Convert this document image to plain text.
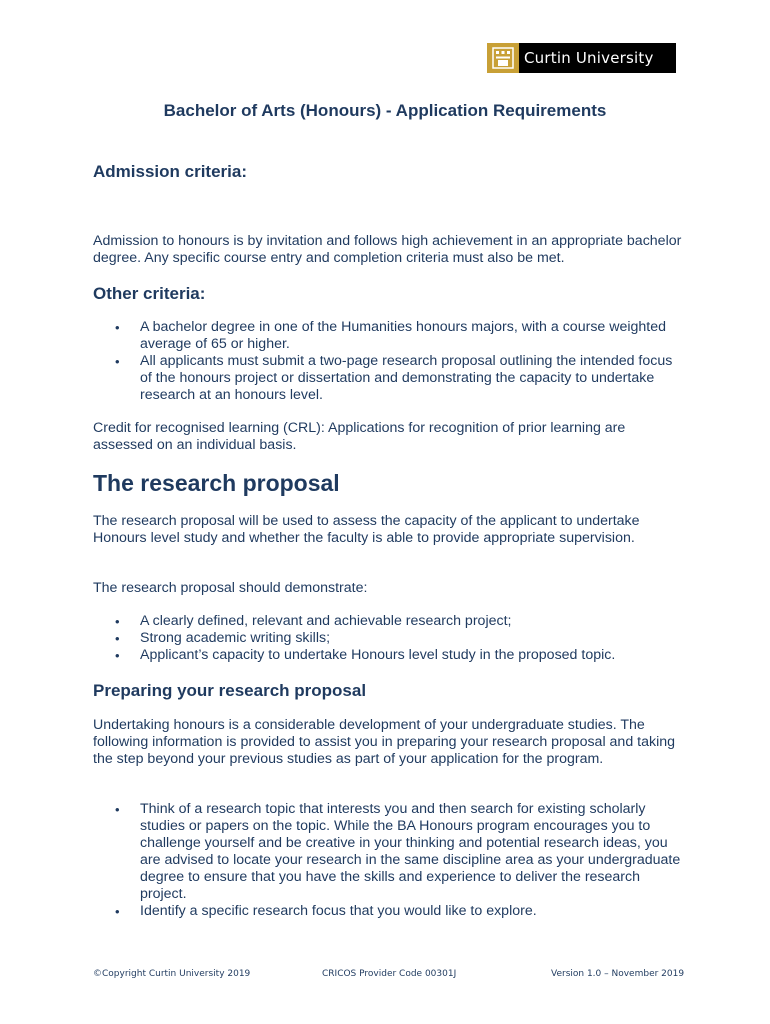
Curtin University
Bachelor of Arts (Honours) - Application Requirements
Admission criteria:

Admission to honours is by invitation and follows high achievement in an appropriate bachelor degree. Any specific course entry and completion criteria must also be met.

Other criteria:
• A bachelor degree in one of the Humanities honours majors, with a course weighted average of 65 or higher.
• All applicants must submit a two-page research proposal outlining the intended focus of the honours project or dissertation and demonstrating the capacity to undertake research at an honours level.

Credit for recognised learning (CRL): Applications for recognition of prior learning are assessed on an individual basis.

The research proposal

The research proposal will be used to assess the capacity of the applicant to undertake Honours level study and whether the faculty is able to provide appropriate supervision.

The research proposal should demonstrate:

• A clearly defined, relevant and achievable research project;
• Strong academic writing skills;
• Applicant’s capacity to undertake Honours level study in the proposed topic.
Preparing your research proposal

Undertaking honours is a considerable development of your undergraduate studies. The following information is provided to assist you in preparing your research proposal and taking the step beyond your previous studies as part of your application for the program.

• Think of a research topic that interests you and then search for existing scholarly studies or papers on the topic. While the BA Honours program encourages you to challenge yourself and be creative in your thinking and potential research ideas, you are advised to locate your research in the same discipline area as your undergraduate degree to ensure that you have the skills and experience to deliver the research project.
• Identify a specific research focus that you would like to explore.
©Copyright Curtin University 2019	CRICOS Provider Code 00301J	Version 1.0 – November 2019
